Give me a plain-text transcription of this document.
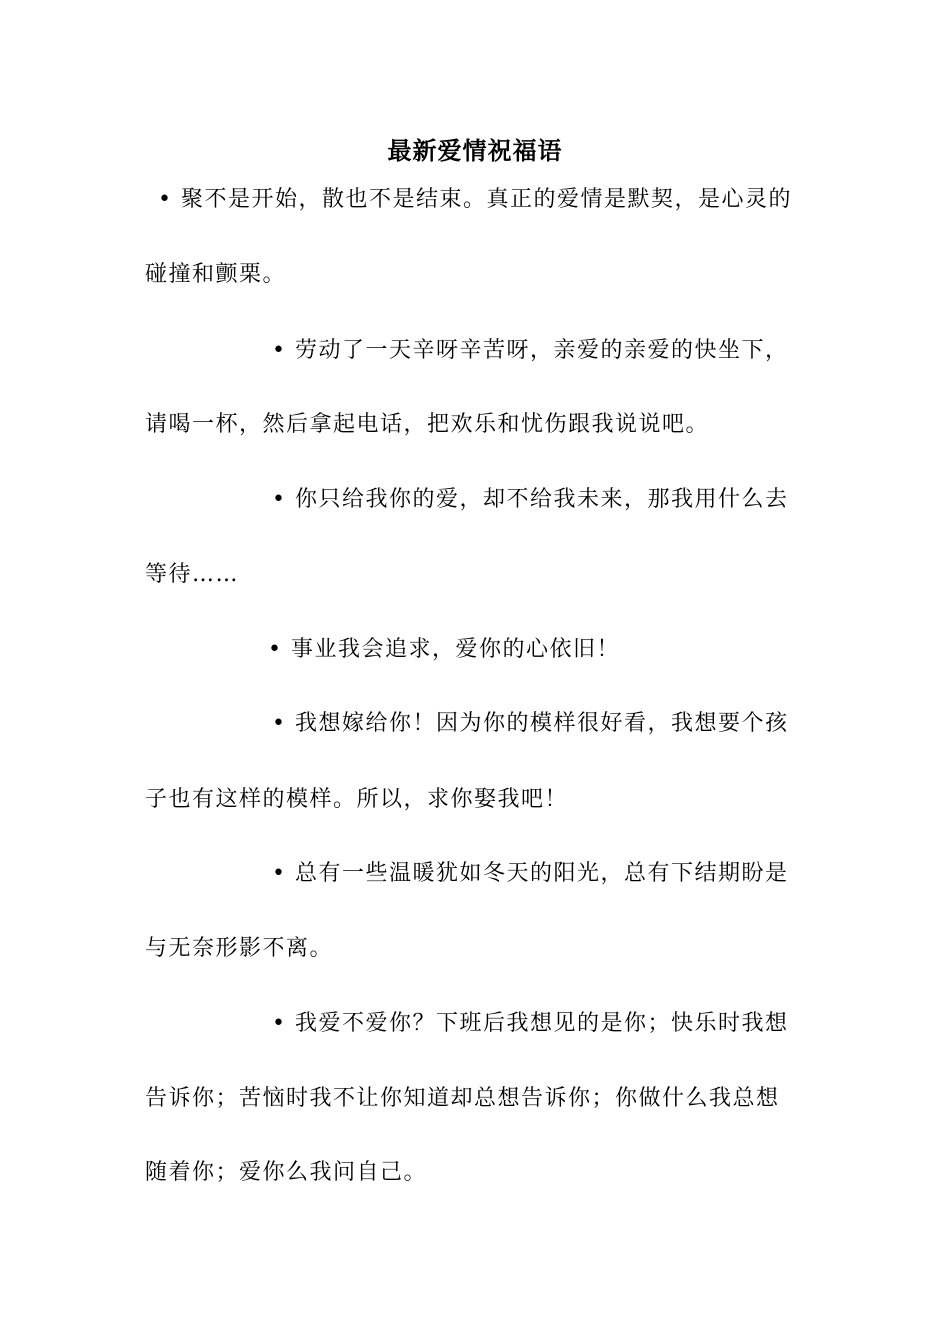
最新爱情祝福语
• 聚不是开始，散也不是结束。真正的爱情是默契，是心灵的
碰撞和颤栗。
• 劳动了一天辛呀辛苦呀，亲爱的亲爱的快坐下，
请喝一杯，然后拿起电话，把欢乐和忧伤跟我说说吧。
• 你只给我你的爱，却不给我未来，那我用什么去
等待……
• 事业我会追求，爱你的心依旧！
• 我想嫁给你！因为你的模样很好看，我想要个孩
子也有这样的模样。所以，求你娶我吧！
• 总有一些温暖犹如冬天的阳光，总有下结期盼是
与无奈形影不离。
• 我爱不爱你？下班后我想见的是你；快乐时我想
告诉你；苦恼时我不让你知道却总想告诉你；你做什么我总想
随着你；爱你么我问自己。
